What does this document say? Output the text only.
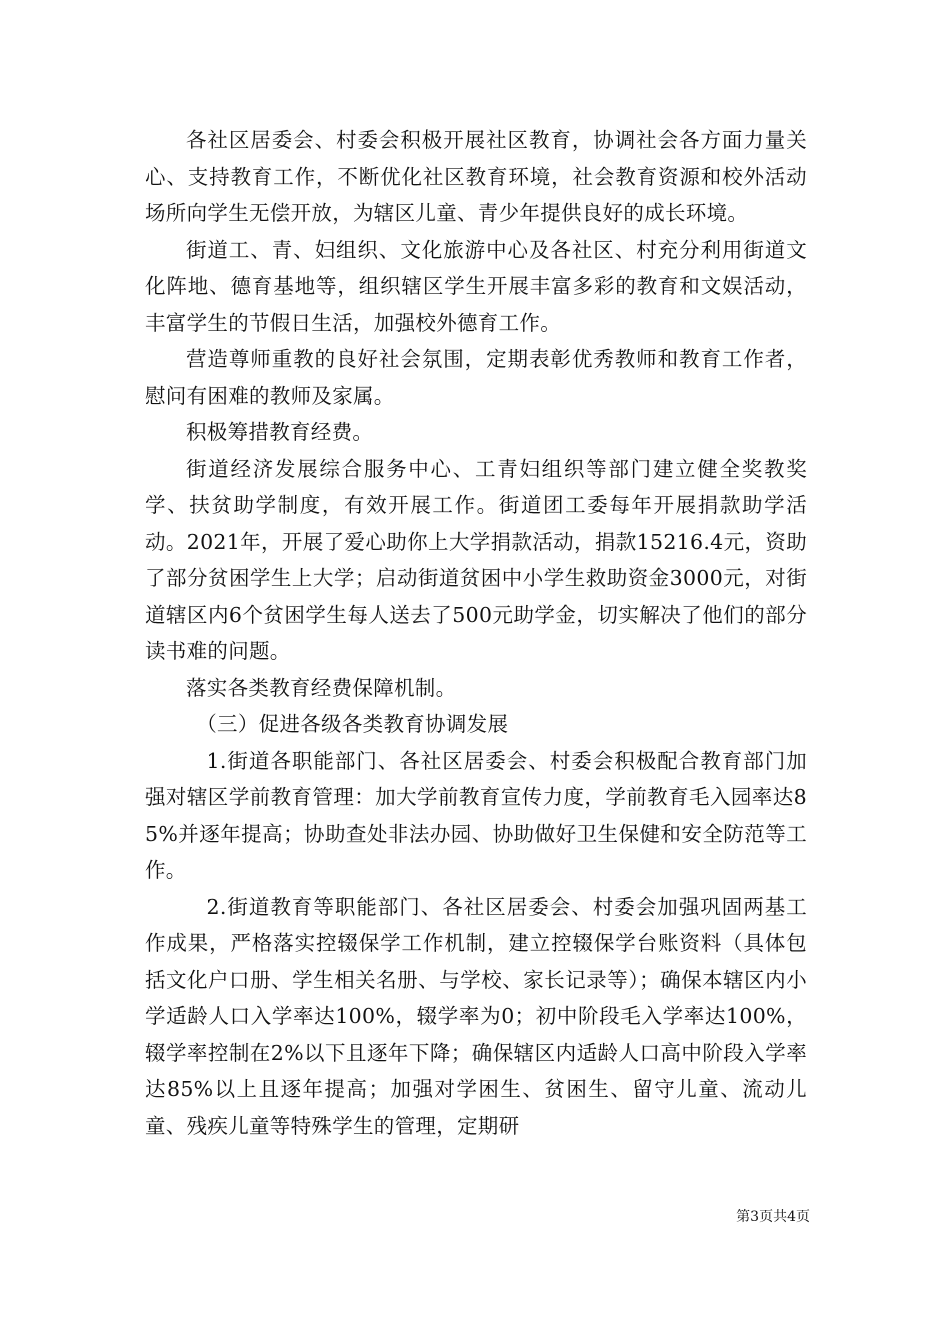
各社区居委会、村委会积极开展社区教育，协调社会各方面力量关心、支持教育工作，不断优化社区教育环境，社会教育资源和校外活动场所向学生无偿开放，为辖区儿童、青少年提供良好的成长环境。

街道工、青、妇组织、文化旅游中心及各社区、村充分利用街道文化阵地、德育基地等，组织辖区学生开展丰富多彩的教育和文娱活动，丰富学生的节假日生活，加强校外德育工作。

营造尊师重教的良好社会氛围，定期表彰优秀教师和教育工作者，慰问有困难的教师及家属。

积极筹措教育经费。

街道经济发展综合服务中心、工青妇组织等部门建立健全奖教奖学、扶贫助学制度，有效开展工作。街道团工委每年开展捐款助学活动。2021年，开展了爱心助你上大学捐款活动，捐款15216.4元，资助了部分贫困学生上大学；启动街道贫困中小学生救助资金3000元，对街道辖区内6个贫困学生每人送去了500元助学金，切实解决了他们的部分读书难的问题。

落实各类教育经费保障机制。

（三）促进各级各类教育协调发展

1.街道各职能部门、各社区居委会、村委会积极配合教育部门加强对辖区学前教育管理：加大学前教育宣传力度，学前教育毛入园率达85%并逐年提高；协助查处非法办园、协助做好卫生保健和安全防范等工作。

2.街道教育等职能部门、各社区居委会、村委会加强巩固两基工作成果，严格落实控辍保学工作机制，建立控辍保学台账资料（具体包括文化户口册、学生相关名册、与学校、家长记录等）；确保本辖区内小学适龄人口入学率达100%，辍学率为0；初中阶段毛入学率达100%，辍学率控制在2%以下且逐年下降；确保辖区内适龄人口高中阶段入学率达85%以上且逐年提高；加强对学困生、贫困生、留守儿童、流动儿童、残疾儿童等特殊学生的管理，定期研

第3页共4页
